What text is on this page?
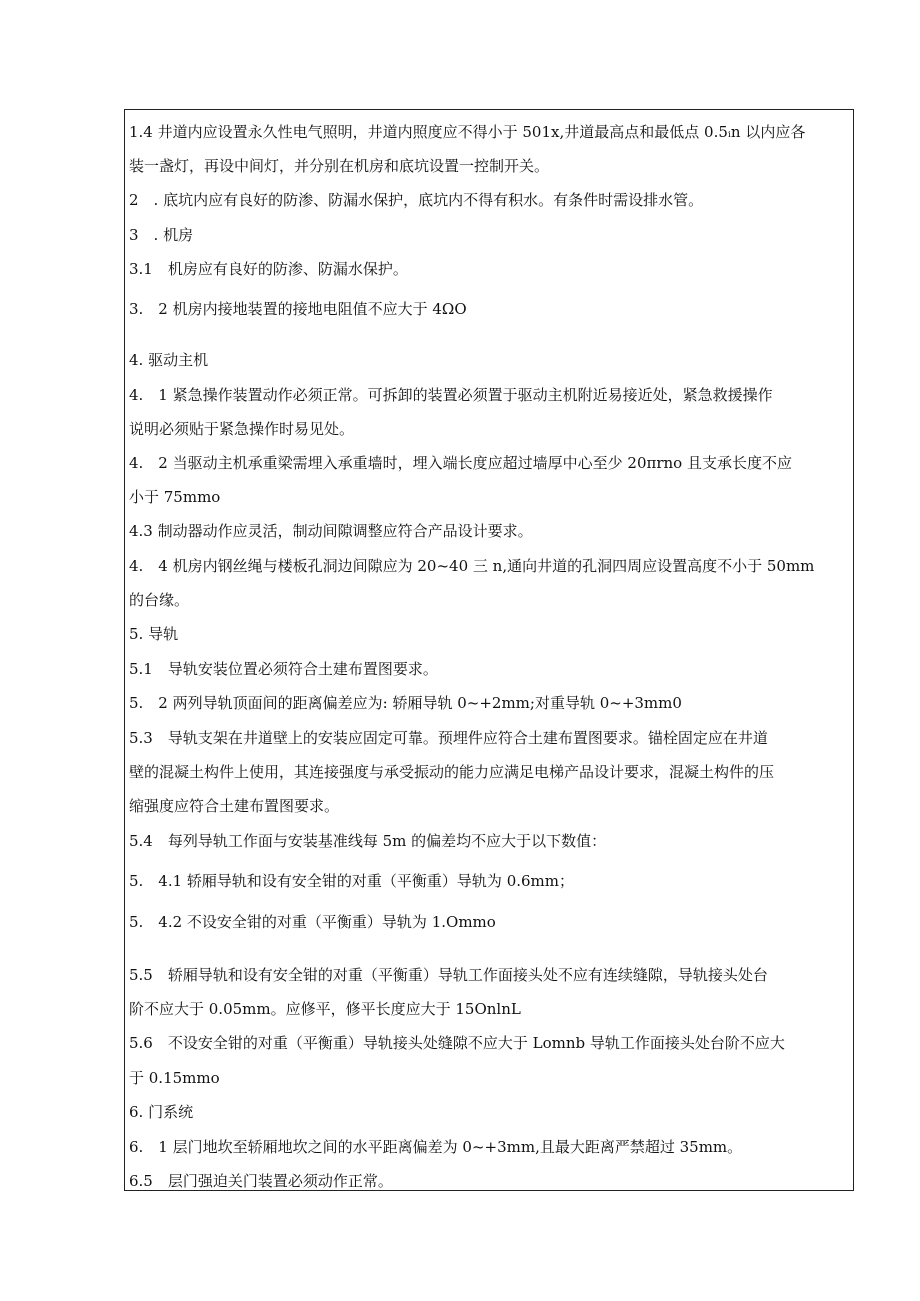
1.4 井道内应设置永久性电气照明，井道内照度应不得小于 501x,井道最高点和最低点 0.5ᵢn 以内应各
装一盏灯，再设中间灯，并分别在机房和底坑设置一控制开关。
2　. 底坑内应有良好的防渗、防漏水保护，底坑内不得有积水。有条件时需设排水管。
3　. 机房
3.1　机房应有良好的防渗、防漏水保护。
3.　2 机房内接地装置的接地电阻值不应大于 4ΩO
4. 驱动主机
4.　1 紧急操作装置动作必须正常。可拆卸的装置必须置于驱动主机附近易接近处，紧急救援操作
说明必须贴于紧急操作时易见处。
4.　2 当驱动主机承重梁需埋入承重墙时，埋入端长度应超过墙厚中心至少 20πrno 且支承长度不应
小于 75mmo
4.3 制动器动作应灵活，制动间隙调整应符合产品设计要求。
4.　4 机房内钢丝绳与楼板孔洞边间隙应为 20~40 三 n,通向井道的孔洞四周应设置高度不小于 50mm
的台缘。
5. 导轨
5.1　导轨安装位置必须符合土建布置图要求。
5.　2 两列导轨顶面间的距离偏差应为: 轿厢导轨 0~+2mm;对重导轨 0~+3mm0
5.3　导轨支架在井道壁上的安装应固定可靠。预埋件应符合土建布置图要求。锚栓固定应在井道
壁的混凝土构件上使用，其连接强度与承受振动的能力应满足电梯产品设计要求，混凝土构件的压
缩强度应符合土建布置图要求。
5.4　每列导轨工作面与安装基准线每 5m 的偏差均不应大于以下数值：
5.　4.1 轿厢导轨和设有安全钳的对重（平衡重）导轨为 0.6mm；
5.　4.2 不设安全钳的对重（平衡重）导轨为 1.Ommo
5.5　轿厢导轨和设有安全钳的对重（平衡重）导轨工作面接头处不应有连续缝隙，导轨接头处台
阶不应大于 0.05mm。应修平，修平长度应大于 15OnlnL
5.6　不设安全钳的对重（平衡重）导轨接头处缝隙不应大于 Lomnb 导轨工作面接头处台阶不应大
于 0.15mmo
6. 门系统
6.　1 层门地坎至轿厢地坎之间的水平距离偏差为 0~+3mm,且最大距离严禁超过 35mm。
6.5　层门强迫关门装置必须动作正常。
